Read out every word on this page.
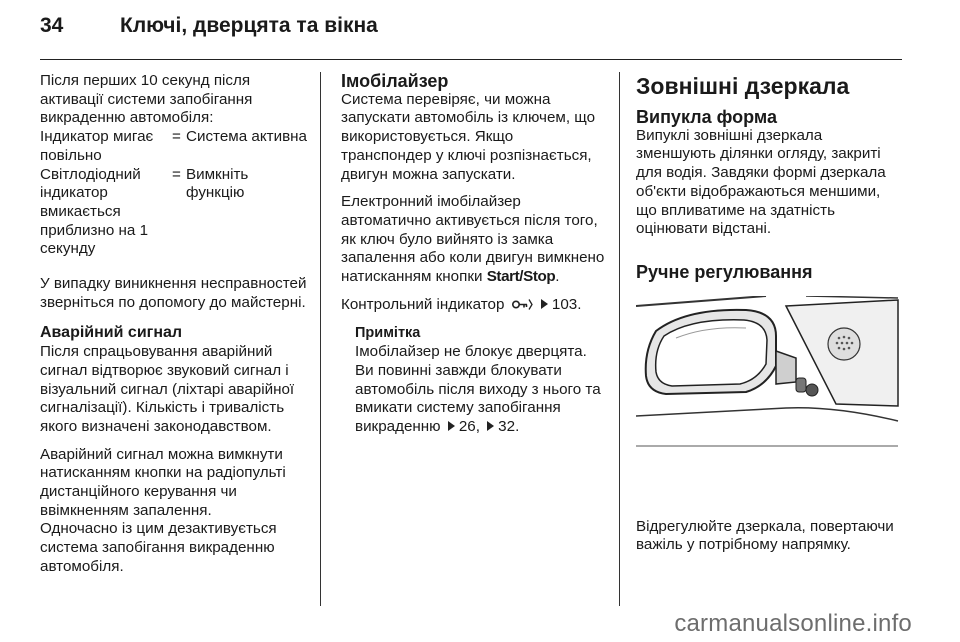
34	Ключі, дверцята та вікна

Після перших 10 секунд після активації системи запобігання викраденню автомобіля:

Індикатор мигає повільно
= Система активна
Світлодіодний індикатор вмикається приблизно на 1 секунду
= Вимкніть функцію

У випадку виникнення несправностей зверніться по допомогу до майстерні.

Аварійний сигнал

Після спрацьовування аварійний сигнал відтворює звуковий сигнал і візуальний сигнал (ліхтарі аварійної сигналізації). Кількість і тривалість якого визначені законодавством.

Аварійний сигнал можна вимкнути натисканням кнопки на радіопульті дистанційного керування чи ввімкненням запалення.

Одночасно із цим дезактивується система запобігання викраденню автомобіля.

Імобілайзер

Система перевіряє, чи можна запускати автомобіль із ключем, що використовується. Якщо транспондер у ключі розпізнається, двигун можна запускати.

Електронний імобілайзер автоматично активується після того, як ключ було вийнято із замка запалення або коли двигун вимкнено натисканням кнопки Start/Stop.

Контрольний індикатор	103.

Примітка

Імобілайзер не блокує дверцята. Ви повинні завжди блокувати автомобіль після виходу з нього та вмикати систему запобігання викраденню 26, 32.

Зовнішні дзеркала

Випукла форма

Випуклі зовнішні дзеркала зменшують ділянки огляду, закриті для водія. Завдяки формі дзеркала об'єкти відображаються меншими, що впливатиме на здатність оцінювати відстані.

Ручне регулювання

Відрегулюйте дзеркала, повертаючи важіль у потрібному напрямку.

carmanualsonline.info
